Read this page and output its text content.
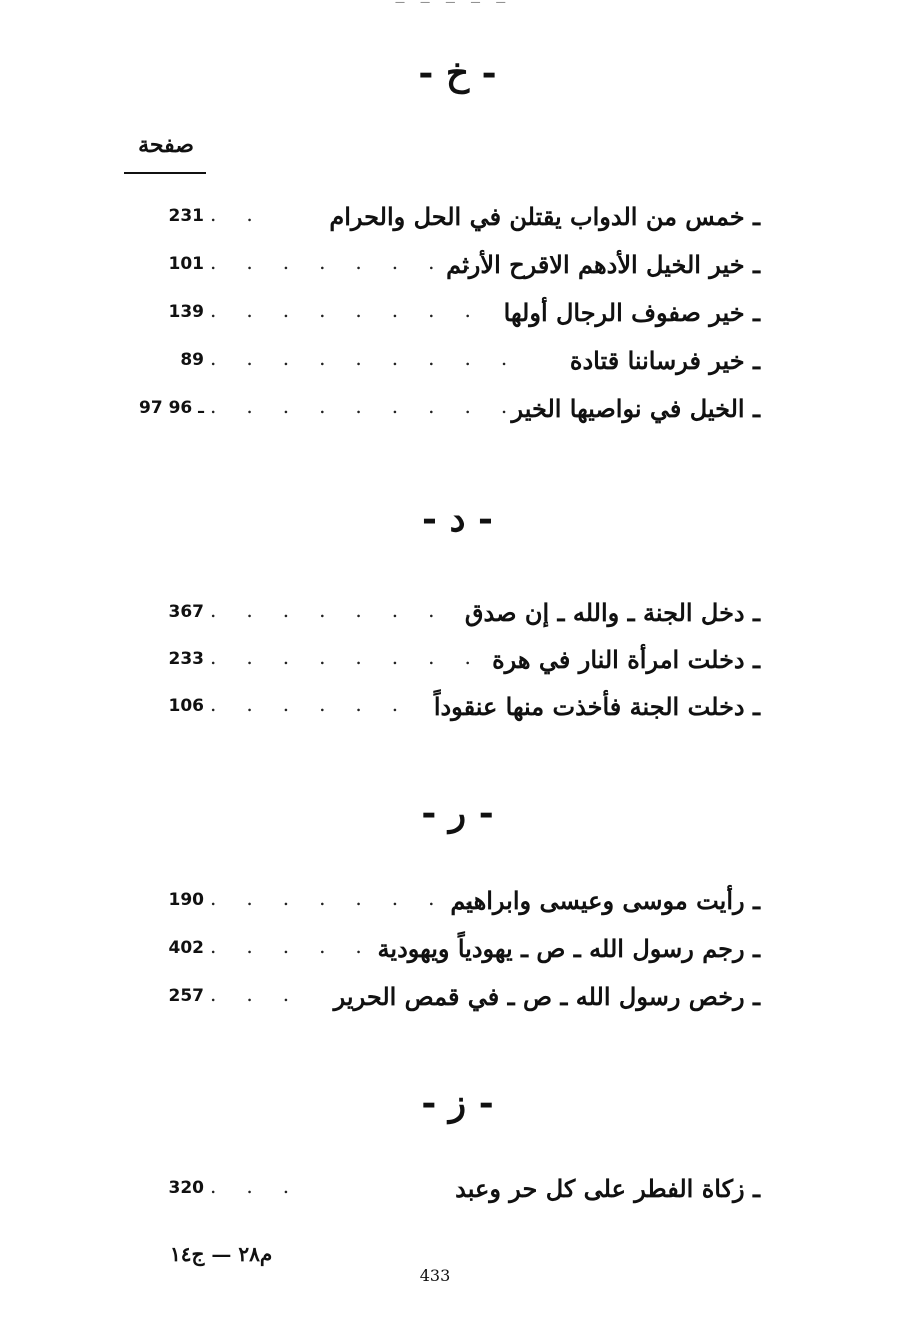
— — — — —
- خ -
صفحة
ـ خمس من الدواب يقتلن في الحل والحرام
..
231
ـ خير الخيل الأدهم الاقرح الأرثم
........
101
ـ خير صفوف الرجال أولها
........
139
ـ خير فرساننا قتادة
.........
89
ـ الخيل في نواصيها الخير
.........
97 ـ 96
- د -
ـ دخل الجنة ـ والله ـ إن صدق
........
367
ـ دخلت امرأة النار في هرة
........
233
ـ دخلت الجنة فأخذت منها عنقوداً
......
106
- ر -
ـ رأيت موسى وعيسى وابراهيم
........
190
ـ رجم رسول الله ـ ص ـ يهودياً ويهودية
.....
402
ـ رخص رسول الله ـ ص ـ في قمص الحرير
...
257
- ز -
ـ زكاة الفطر على كل حر وعبد
...
320
م٢٨ — ج١٤
433
